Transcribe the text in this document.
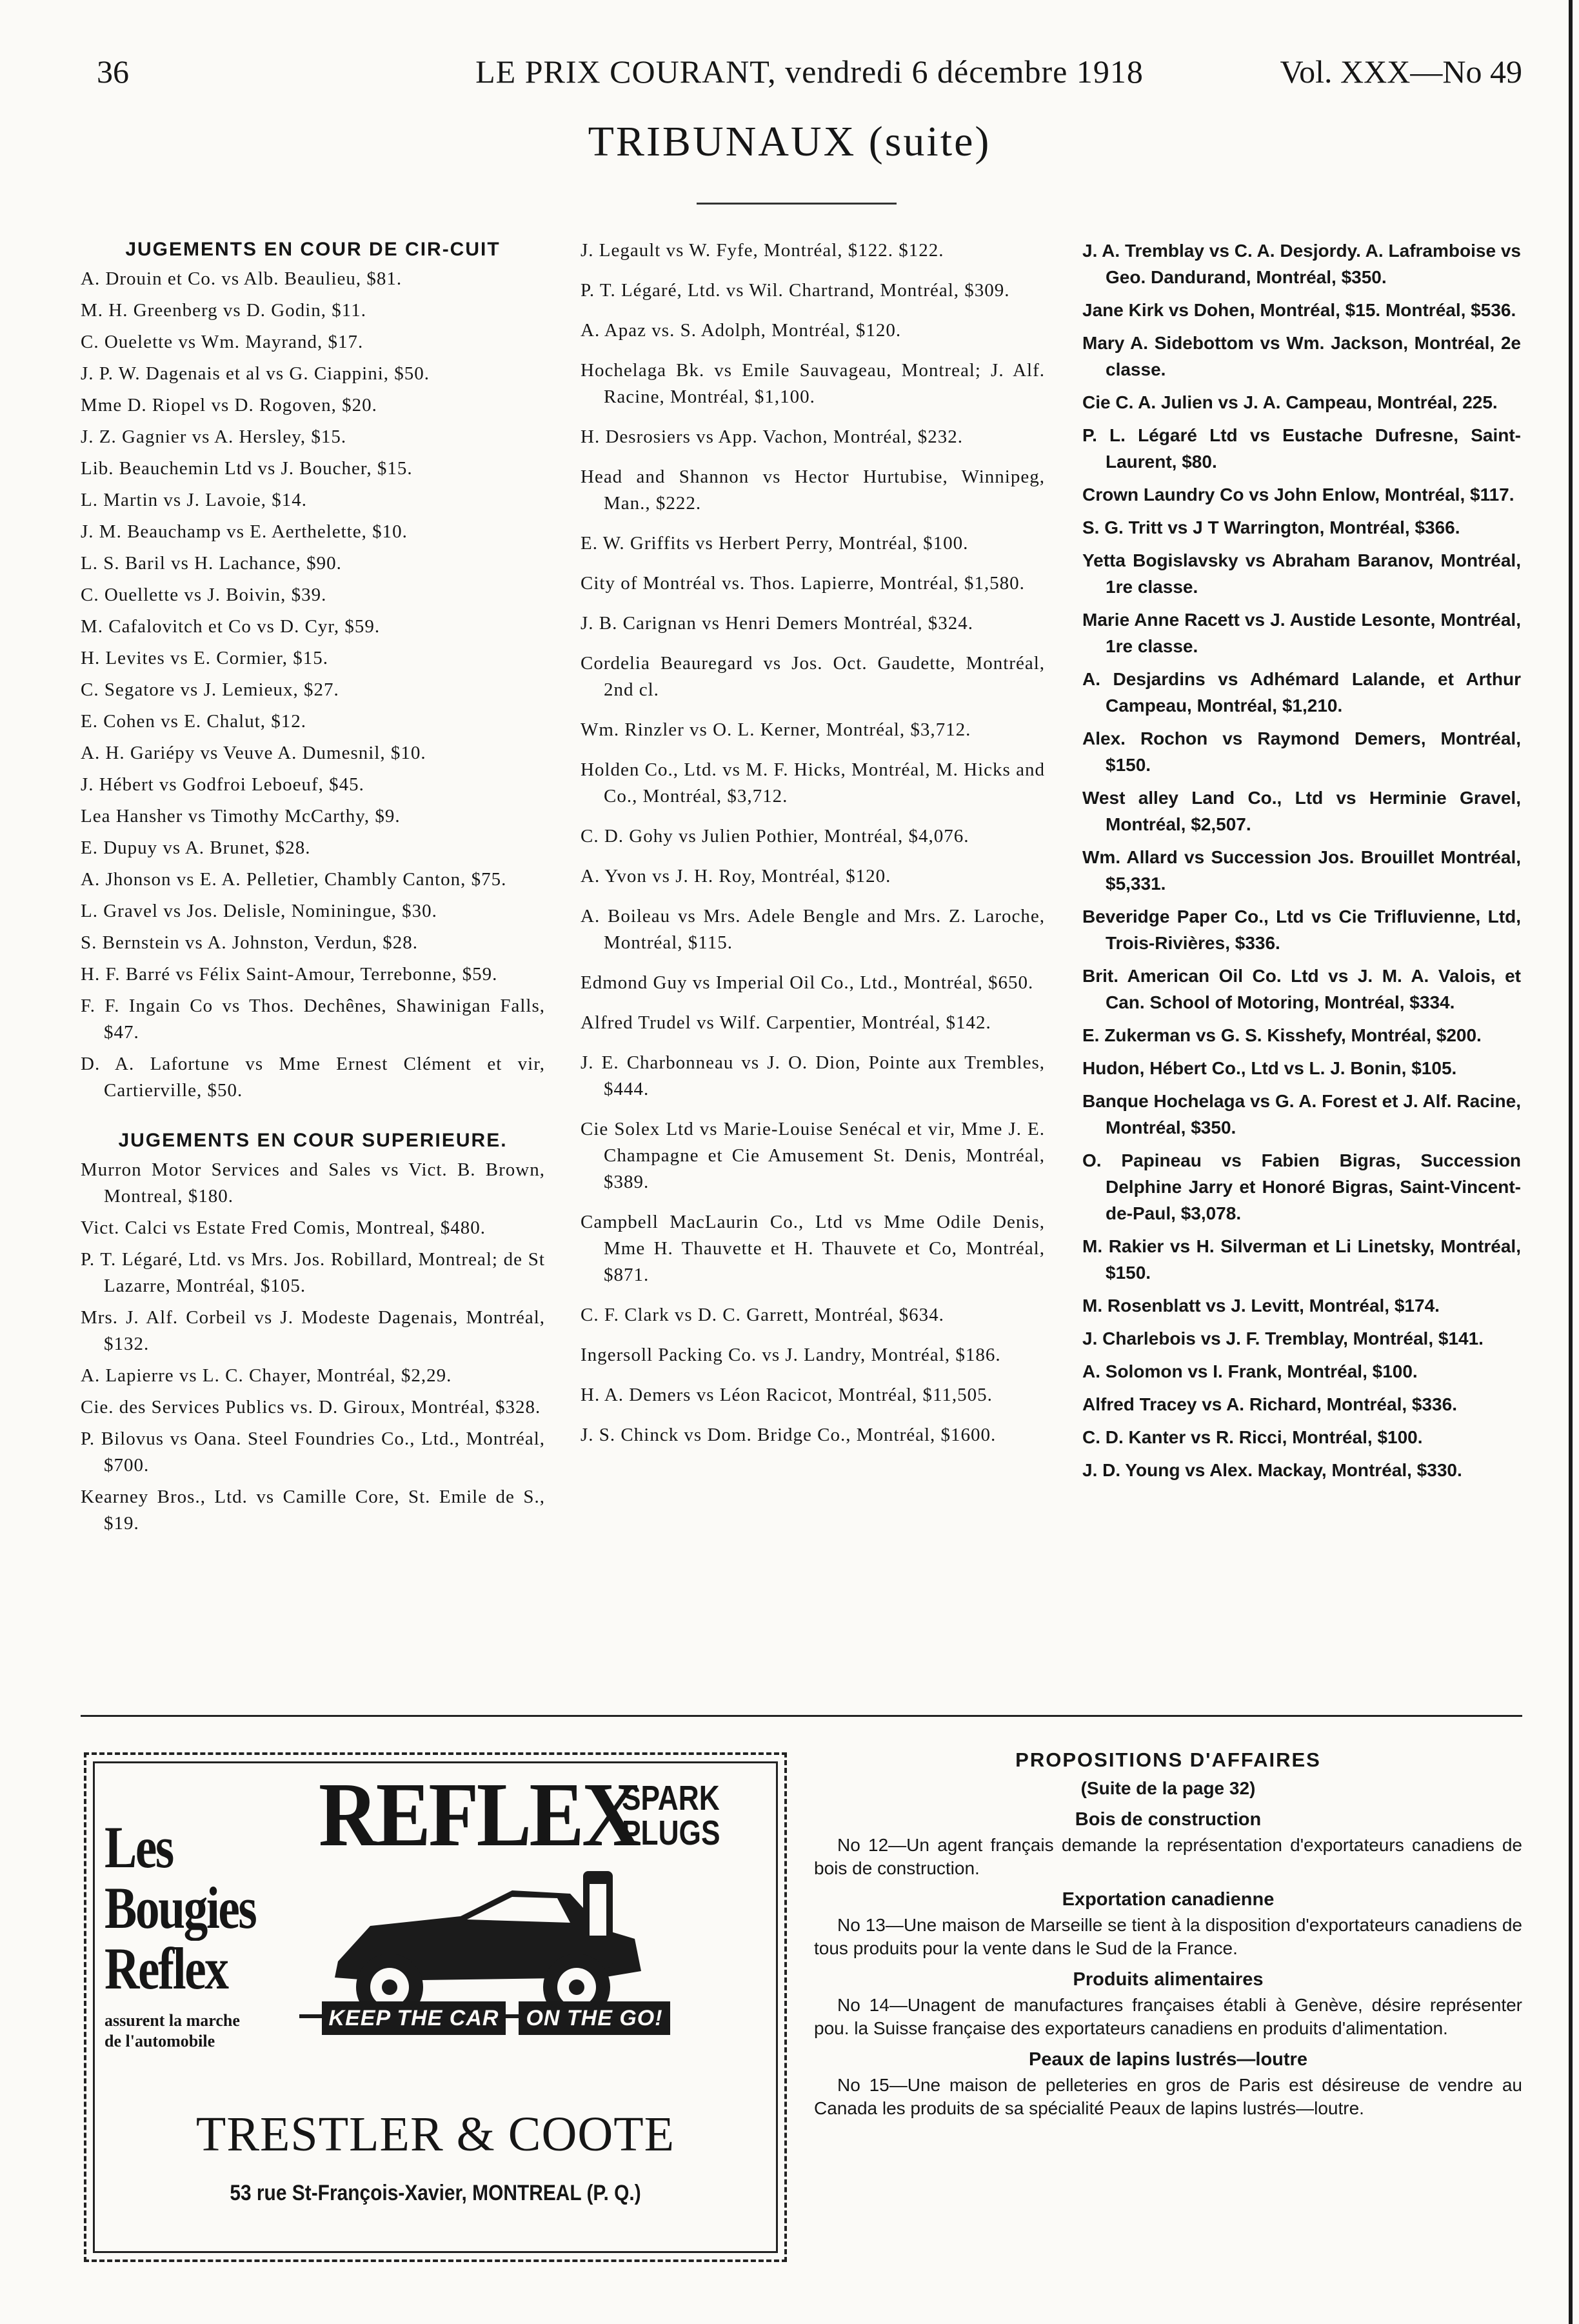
36	LE PRIX COURANT, vendredi 6 décembre 1918	Vol. XXX—No 49
TRIBUNAUX (suite)
JUGEMENTS EN COUR DE CIR-CUIT

A. Drouin et Co. vs Alb. Beaulieu, $81.

M. H. Greenberg vs D. Godin, $11.

C. Ouelette vs Wm. Mayrand, $17.

J. P. W. Dagenais et al vs G. Ciappini, $50.

Mme D. Riopel vs D. Rogoven, $20.

J. Z. Gagnier vs A. Hersley, $15.

Lib. Beauchemin Ltd vs J. Boucher, $15.

L. Martin vs J. Lavoie, $14.

J. M. Beauchamp vs E. Aerthelette, $10.

L. S. Baril vs H. Lachance, $90.

C. Ouellette vs J. Boivin, $39.

M. Cafalovitch et Co vs D. Cyr, $59.

H. Levites vs E. Cormier, $15.

C. Segatore vs J. Lemieux, $27.

E. Cohen vs E. Chalut, $12.

A. H. Gariépy vs Veuve A. Dumesnil, $10.

J. Hébert vs Godfroi Leboeuf, $45.

Lea Hansher vs Timothy McCarthy, $9.

E. Dupuy vs A. Brunet, $28.

A. Jhonson vs E. A. Pelletier, Chambly Canton, $75.

L. Gravel vs Jos. Delisle, Nominingue, $30.

S. Bernstein vs A. Johnston, Verdun, $28.

H. F. Barré vs Félix Saint-Amour, Terrebonne, $59.

F. F. Ingain Co vs Thos. Dechênes, Shawinigan Falls, $47.

D. A. Lafortune vs Mme Ernest Clément et vir, Cartierville, $50.

JUGEMENTS EN COUR SUPERIEURE.

Murron Motor Services and Sales vs Vict. B. Brown, Montreal, $180.

Vict. Calci vs Estate Fred Comis, Montreal, $480.

P. T. Légaré, Ltd. vs Mrs. Jos. Robillard, Montreal; de St Lazarre, Montréal, $105.

Mrs. J. Alf. Corbeil vs J. Modeste Dagenais, Montréal, $132.

A. Lapierre vs L. C. Chayer, Montréal, $2,29.

Cie. des Services Publics vs. D. Giroux, Montréal, $328.

P. Bilovus vs Oana. Steel Foundries Co., Ltd., Montréal, $700.

Kearney Bros., Ltd. vs Camille Core, St. Emile de S., $19.

J. Legault vs W. Fyfe, Montréal, $122. $122.

P. T. Légaré, Ltd. vs Wil. Chartrand, Montréal, $309.

A. Apaz vs. S. Adolph, Montréal, $120.

Hochelaga Bk. vs Emile Sauvageau, Montreal; J. Alf. Racine, Montréal, $1,100.

H. Desrosiers vs App. Vachon, Montréal, $232.

Head and Shannon vs Hector Hurtubise, Winnipeg, Man., $222.

E. W. Griffits vs Herbert Perry, Montréal, $100.

City of Montréal vs. Thos. Lapierre, Montréal, $1,580.

J. B. Carignan vs Henri Demers Montréal, $324.

Cordelia Beauregard vs Jos. Oct. Gaudette, Montréal, 2nd cl.

Wm. Rinzler vs O. L. Kerner, Montréal, $3,712.

Holden Co., Ltd. vs M. F. Hicks, Montréal, M. Hicks and Co., Montréal, $3,712.

C. D. Gohy vs Julien Pothier, Montréal, $4,076.

A. Yvon vs J. H. Roy, Montréal, $120.

A. Boileau vs Mrs. Adele Bengle and Mrs. Z. Laroche, Montréal, $115.

Edmond Guy vs Imperial Oil Co., Ltd., Montréal, $650.

Alfred Trudel vs Wilf. Carpentier, Montréal, $142.

J. E. Charbonneau vs J. O. Dion, Pointe aux Trembles, $444.

Cie Solex Ltd vs Marie-Louise Senécal et vir, Mme J. E. Champagne et Cie Amusement St. Denis, Montréal, $389.

Campbell MacLaurin Co., Ltd vs Mme Odile Denis, Mme H. Thauvette et H. Thauvete et Co, Montréal, $871.

C. F. Clark vs D. C. Garrett, Montréal, $634.

Ingersoll Packing Co. vs J. Landry, Montréal, $186.

H. A. Demers vs Léon Racicot, Montréal, $11,505.

J. S. Chinck vs Dom. Bridge Co., Montréal, $1600.

J. A. Tremblay vs C. A. Desjordy. A. Laframboise vs Geo. Dandurand, Montréal, $350.

Jane Kirk vs Dohen, Montréal, $15. Montréal, $536.

Mary A. Sidebottom vs Wm. Jackson, Montréal, 2e classe.

Cie C. A. Julien vs J. A. Campeau, Montréal, 225.

P. L. Légaré Ltd vs Eustache Dufresne, Saint-Laurent, $80.

Crown Laundry Co vs John Enlow, Montréal, $117.

S. G. Tritt vs J T Warrington, Montréal, $366.

Yetta Bogislavsky vs Abraham Baranov, Montréal, 1re classe.

Marie Anne Racett vs J. Austide Lesonte, Montréal, 1re classe.

A. Desjardins vs Adhémard Lalande, et Arthur Campeau, Montréal, $1,210.

Alex. Rochon vs Raymond Demers, Montréal, $150.

West alley Land Co., Ltd vs Herminie Gravel, Montréal, $2,507.

Wm. Allard vs Succession Jos. Brouillet Montréal, $5,331.

Beveridge Paper Co., Ltd vs Cie Trifluvienne, Ltd, Trois-Rivières, $336.

Brit. American Oil Co. Ltd vs J. M. A. Valois, et Can. School of Motoring, Montréal, $334.

E. Zukerman vs G. S. Kisshefy, Montréal, $200.

Hudon, Hébert Co., Ltd vs L. J. Bonin, $105.

Banque Hochelaga vs G. A. Forest et J. Alf. Racine, Montréal, $350.

O. Papineau vs Fabien Bigras, Succession Delphine Jarry et Honoré Bigras, Saint-Vincent-de-Paul, $3,078.

M. Rakier vs H. Silverman et Li Linetsky, Montréal, $150.

M. Rosenblatt vs J. Levitt, Montréal, $174.

J. Charlebois vs J. F. Tremblay, Montréal, $141.

A. Solomon vs I. Frank, Montréal, $100.

Alfred Tracey vs A. Richard, Montréal, $336.

C. D. Kanter vs R. Ricci, Montréal, $100.

J. D. Young vs Alex. Mackay, Montréal, $330.

Les
Bougies
Reflex
assurent la marche
de l'automobile
REFLEX
SPARK
PLUGS
KEEP THE CAR	ON THE GO!
TRESTLER & COOTE
53 rue St-François-Xavier, MONTREAL (P. Q.)
PROPOSITIONS D'AFFAIRES
(Suite de la page 32)
Bois de construction

No 12—Un agent français demande la représentation d'exportateurs canadiens de bois de construction.

Exportation canadienne

No 13—Une maison de Marseille se tient à la disposition d'exportateurs canadiens de tous produits pour la vente dans le Sud de la France.

Produits alimentaires

No 14—Unagent de manufactures françaises établi à Genève, désire représenter pou. la Suisse française des exportateurs canadiens en produits d'alimentation.

Peaux de lapins lustrés—loutre

No 15—Une maison de pelleteries en gros de Paris est désireuse de vendre au Canada les produits de sa spécialité Peaux de lapins lustrés—loutre.
